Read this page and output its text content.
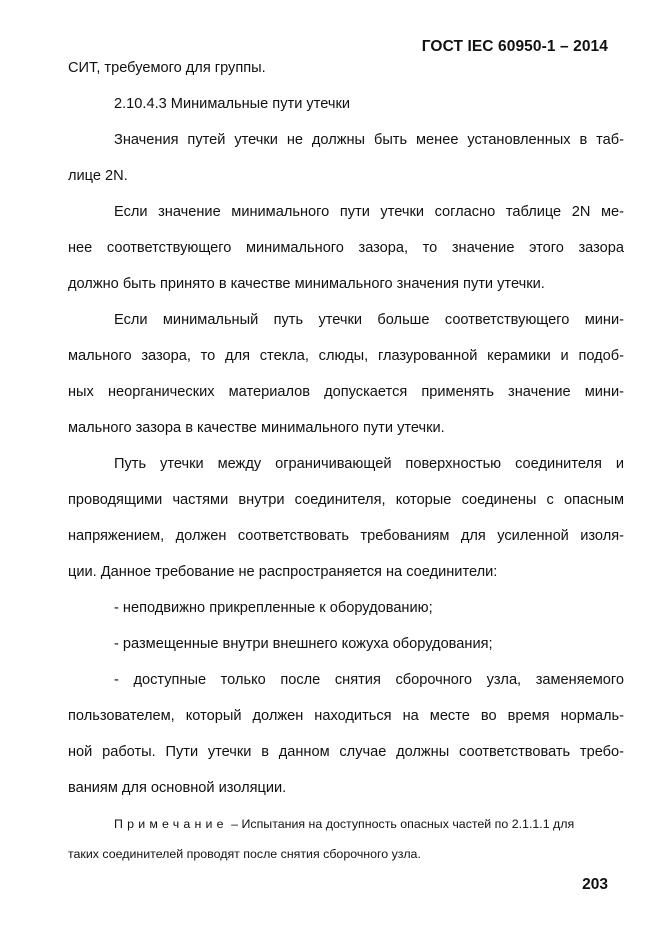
ГОСТ IEC 60950-1 – 2014
СИТ, требуемого для группы.
2.10.4.3 Минимальные пути утечки
Значения путей утечки не должны быть менее установленных в таб-
лице 2N.
Если значение минимального пути утечки согласно таблице 2N ме-
нее соответствующего минимального зазора, то значение этого зазора
должно быть принято в качестве минимального значения пути утечки.
Если минимальный путь утечки больше соответствующего мини-
мального зазора, то для стекла, слюды, глазурованной керамики и подоб-
ных неорганических материалов допускается применять значение мини-
мального зазора в качестве минимального пути утечки.
Путь утечки между ограничивающей поверхностью соединителя и
проводящими частями внутри соединителя, которые соединены с опасным
напряжением, должен соответствовать требованиям для усиленной изоля-
ции. Данное требование не распространяется на соединители:
- неподвижно прикрепленные к оборудованию;
- размещенные внутри внешнего кожуха оборудования;
- доступные только после снятия сборочного узла, заменяемого
пользователем, который должен находиться на месте во время нормаль-
ной работы. Пути утечки в данном случае должны соответствовать требо-
ваниям для основной изоляции.
Примечание – Испытания на доступность опасных частей по 2.1.1.1 для
таких соединителей проводят после снятия сборочного узла.
203
